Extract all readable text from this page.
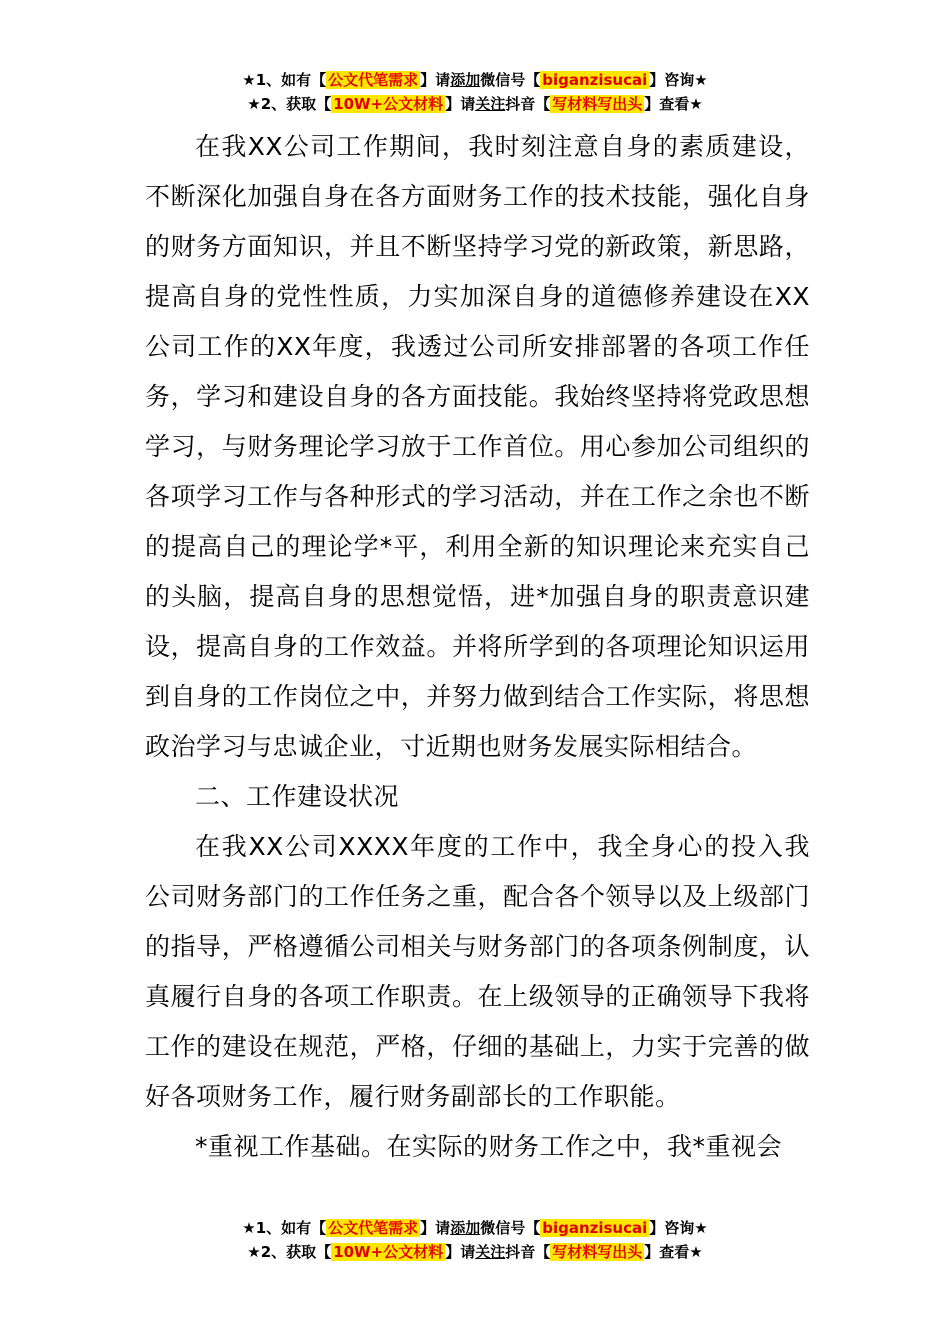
★1、如有【 公文代笔需求 】请添加微信号【 biganzisucai 】咨询★
★2、获取【 10W+公文材料 】请关注抖音【 写材料写出头 】查看★

在我XX公司工作期间，我时刻注意自身的素质建设，不断深化加强自身在各方面财务工作的技术技能，强化自身的财务方面知识，并且不断坚持学习党的新政策，新思路，提高自身的党性性质，力实加深自身的道德修养建设在XX公司工作的XX年度，我透过公司所安排部署的各项工作任务，学习和建设自身的各方面技能。我始终坚持将党政思想学习，与财务理论学习放于工作首位。用心参加公司组织的各项学习工作与各种形式的学习活动，并在工作之余也不断的提高自己的理论学*平，利用全新的知识理论来充实自己的头脑，提高自身的思想觉悟，进*加强自身的职责意识建设，提高自身的工作效益。并将所学到的各项理论知识运用到自身的工作岗位之中，并努力做到结合工作实际，将思想政治学习与忠诚企业，寸近期也财务发展实际相结合。

二、工作建设状况

在我XX公司XXXX年度的工作中，我全身心的投入我公司财务部门的工作任务之重，配合各个领导以及上级部门的指导，严格遵循公司相关与财务部门的各项条例制度，认真履行自身的各项工作职责。在上级领导的正确领导下我将工作的建设在规范，严格，仔细的基础上，力实于完善的做好各项财务工作，履行财务副部长的工作职能。

*重视工作基础。在实际的财务工作之中，我*重视会

★1、如有【 公文代笔需求 】请添加微信号【 biganzisucai 】咨询★
★2、获取【 10W+公文材料 】请关注抖音【 写材料写出头 】查看★
